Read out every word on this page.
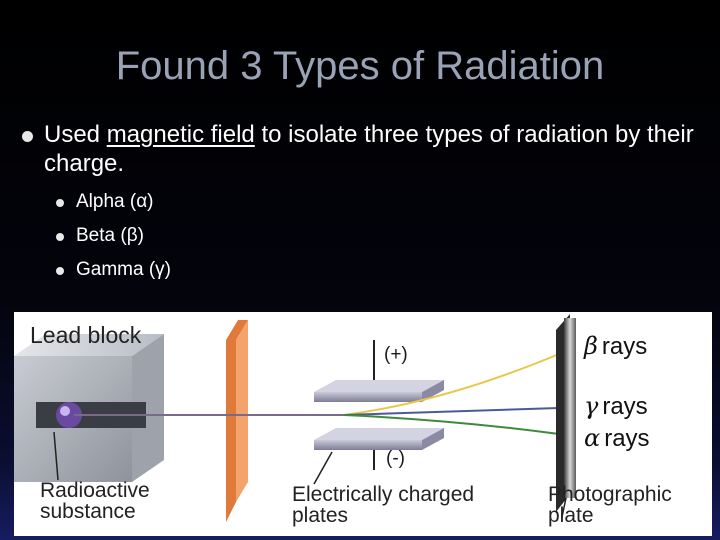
Found 3 Types of Radiation
Used magnetic field to isolate three types of radiation by their charge.
Alpha (α)
Beta (β)
Gamma (γ)
Lead block
(+)
(-)
β rays
γ rays
α rays
Radioactive
substance
Electrically charged
plates
Photographic
plate
